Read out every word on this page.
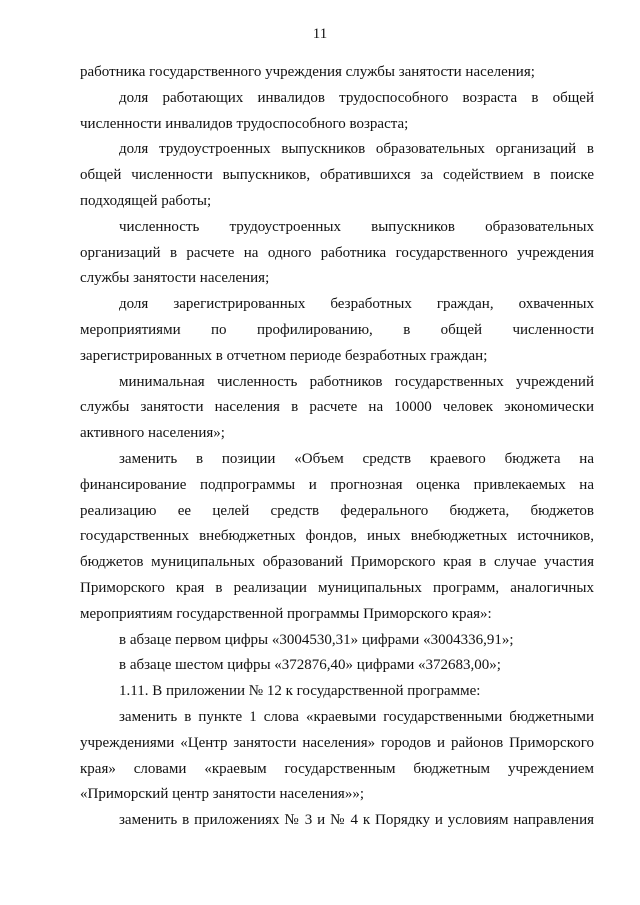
11

работника государственного учреждения службы занятости населения;

доля работающих инвалидов трудоспособного возраста в общей численности инвалидов трудоспособного возраста;

доля трудоустроенных выпускников образовательных организаций в общей численности выпускников, обратившихся за содействием в поиске подходящей работы;

численность трудоустроенных выпускников образовательных организаций в расчете на одного работника государственного учреждения службы занятости населения;

доля зарегистрированных безработных граждан, охваченных мероприятиями по профилированию, в общей численности зарегистрированных в отчетном периоде безработных граждан;

минимальная численность работников государственных учреждений службы занятости населения в расчете на 10000 человек экономически активного населения»;

заменить в позиции «Объем средств краевого бюджета на финансирование подпрограммы и прогнозная оценка привлекаемых на реализацию ее целей средств федерального бюджета, бюджетов государственных внебюджетных фондов, иных внебюджетных источников, бюджетов муниципальных образований Приморского края в случае участия Приморского края в реализации муниципальных программ, аналогичных мероприятиям государственной программы Приморского края»:

в абзаце первом цифры «3004530,31» цифрами «3004336,91»;

в абзаце шестом цифры «372876,40» цифрами «372683,00»;

1.11. В приложении № 12 к государственной программе:

заменить в пункте 1 слова «краевыми государственными бюджетными учреждениями «Центр занятости населения» городов и районов Приморского края» словами «краевым государственным бюджетным учреждением «Приморский центр занятости населения»»;

заменить в приложениях № 3 и № 4 к Порядку и условиям направления
